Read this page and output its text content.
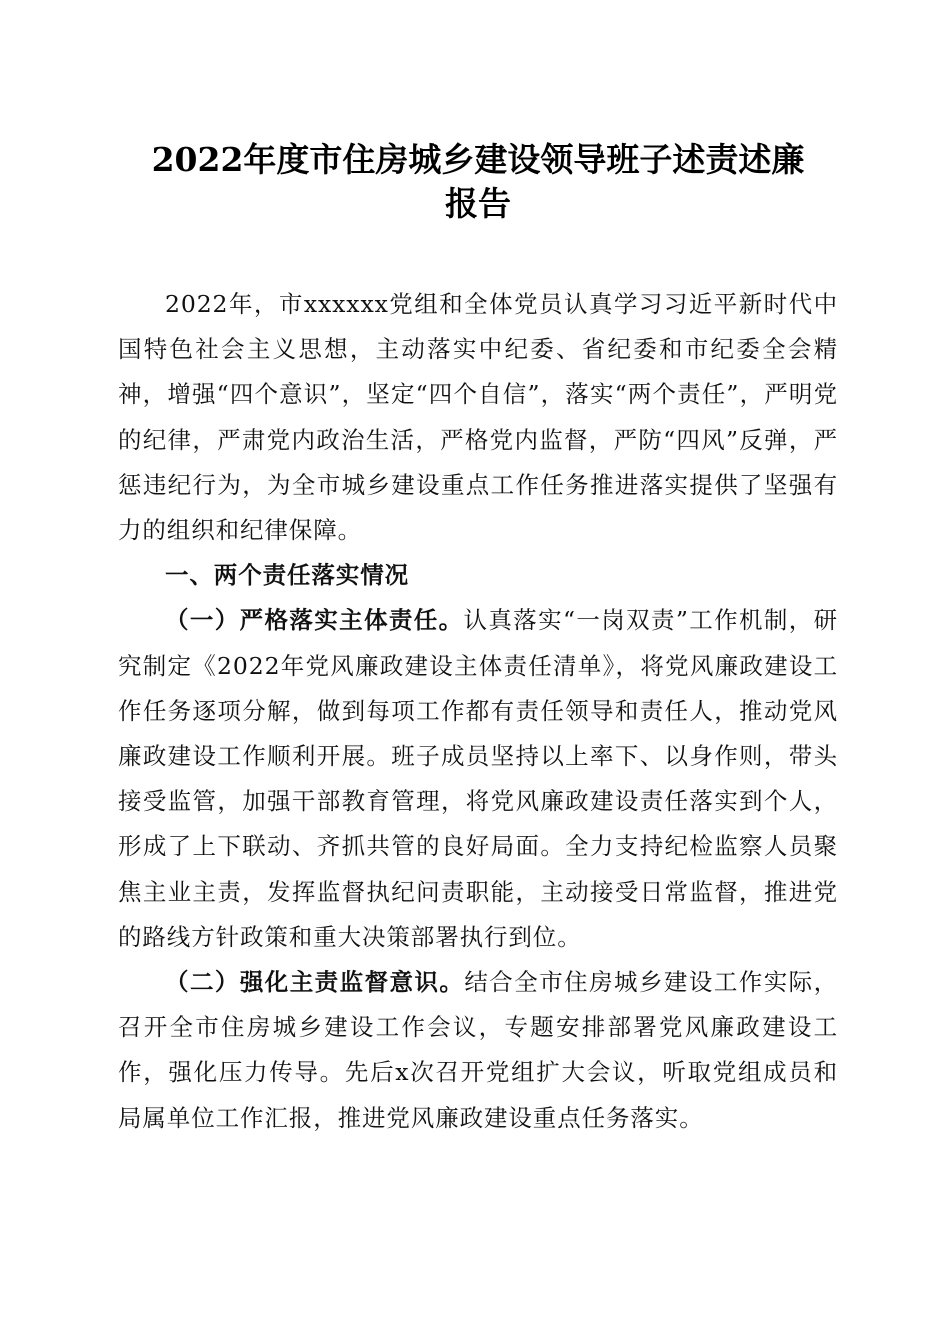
2022年度市住房城乡建设领导班子述责述廉
报告

2022年，市xxxxxx党组和全体党员认真学习习近平新时代中国特色社会主义思想，主动落实中纪委、省纪委和市纪委全会精神，增强“四个意识”，坚定“四个自信”，落实“两个责任”，严明党的纪律，严肃党内政治生活，严格党内监督，严防“四风”反弹，严惩违纪行为，为全市城乡建设重点工作任务推进落实提供了坚强有力的组织和纪律保障。

一、两个责任落实情况

（一）严格落实主体责任。认真落实“一岗双责”工作机制，研究制定《2022年党风廉政建设主体责任清单》，将党风廉政建设工作任务逐项分解，做到每项工作都有责任领导和责任人，推动党风廉政建设工作顺利开展。班子成员坚持以上率下、以身作则，带头接受监管，加强干部教育管理，将党风廉政建设责任落实到个人，形成了上下联动、齐抓共管的良好局面。全力支持纪检监察人员聚焦主业主责，发挥监督执纪问责职能，主动接受日常监督，推进党的路线方针政策和重大决策部署执行到位。

（二）强化主责监督意识。结合全市住房城乡建设工作实际，召开全市住房城乡建设工作会议，专题安排部署党风廉政建设工作，强化压力传导。先后x次召开党组扩大会议，听取党组成员和局属单位工作汇报，推进党风廉政建设重点任务落实。
